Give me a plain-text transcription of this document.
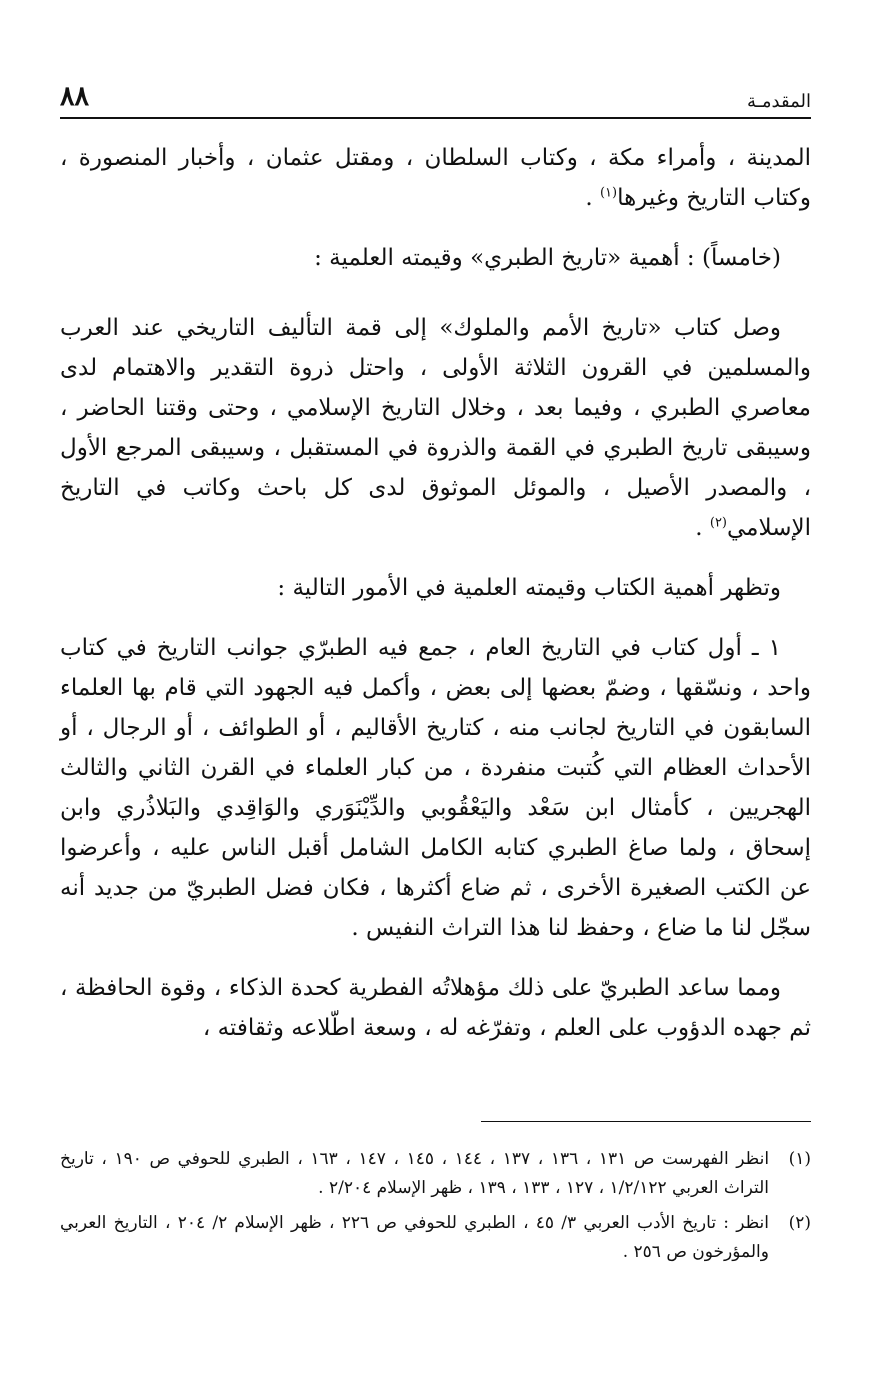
المقدمـة
٨٨

المدينة ، وأمراء مكة ، وكتاب السلطان ، ومقتل عثمان ، وأخبار المنصورة ، وكتاب التاريخ وغيرها$^{(١)}$ .

(خامساً) : أهمية «تاريخ الطبري» وقيمته العلمية :

وصل كتاب «تاريخ الأمم والملوك» إلى قمة التأليف التاريخي عند العرب والمسلمين في القرون الثلاثة الأولى ، واحتل ذروة التقدير والاهتمام لدى معاصري الطبري ، وفيما بعد ، وخلال التاريخ الإسلامي ، وحتى وقتنا الحاضر ، وسيبقى تاريخ الطبري في القمة والذروة في المستقبل ، وسيبقى المرجع الأول ، والمصدر الأصيل ، والموئل الموثوق لدى كل باحث وكاتب في التاريخ الإسلامي$^{(٢)}$ .

وتظهر أهمية الكتاب وقيمته العلمية في الأمور التالية :

١ ـ أول كتاب في التاريخ العام ، جمع فيه الطبرّي جوانب التاريخ في كتاب واحد ، ونسّقها ، وضمّ بعضها إلى بعض ، وأكمل فيه الجهود التي قام بها العلماء السابقون في التاريخ لجانب منه ، كتاريخ الأقاليم ، أو الطوائف ، أو الرجال ، أو الأحداث العظام التي كُتبت منفردة ، من كبار العلماء في القرن الثاني والثالث الهجريين ، كأمثال ابن سَعْد واليَعْقُوبي والدِّيْنَوَري والوَاقِدي والبَلاذُري وابن إسحاق ، ولما صاغ الطبري كتابه الكامل الشامل أقبل الناس عليه ، وأعرضوا عن الكتب الصغيرة الأخرى ، ثم ضاع أكثرها ، فكان فضل الطبريّ من جديد أنه سجّل لنا ما ضاع ، وحفظ لنا هذا التراث النفيس .

ومما ساعد الطبريّ على ذلك مؤهلاتُه الفطرية كحدة الذكاء ، وقوة الحافظة ، ثم جهده الدؤوب على العلم ، وتفرّغه له ، وسعة اطّلاعه وثقافته ،

(١)
انظر الفهرست ص ١٣١ ، ١٣٦ ، ١٣٧ ، ١٤٤ ، ١٤٥ ، ١٤٧ ، ١٦٣ ، الطبري للحوفي ص ١٩٠ ، تاريخ التراث العربي ١/٢/١٢٢ ، ١٢٧ ، ١٣٣ ، ١٣٩ ، ظهر الإسلام ٢/٢٠٤ .
(٢)
انظر : تاريخ الأدب العربي ٣/ ٤٥ ، الطبري للحوفي ص ٢٢٦ ، ظهر الإسلام ٢/ ٢٠٤ ، التاريخ العربي والمؤرخون ص ٢٥٦ .
